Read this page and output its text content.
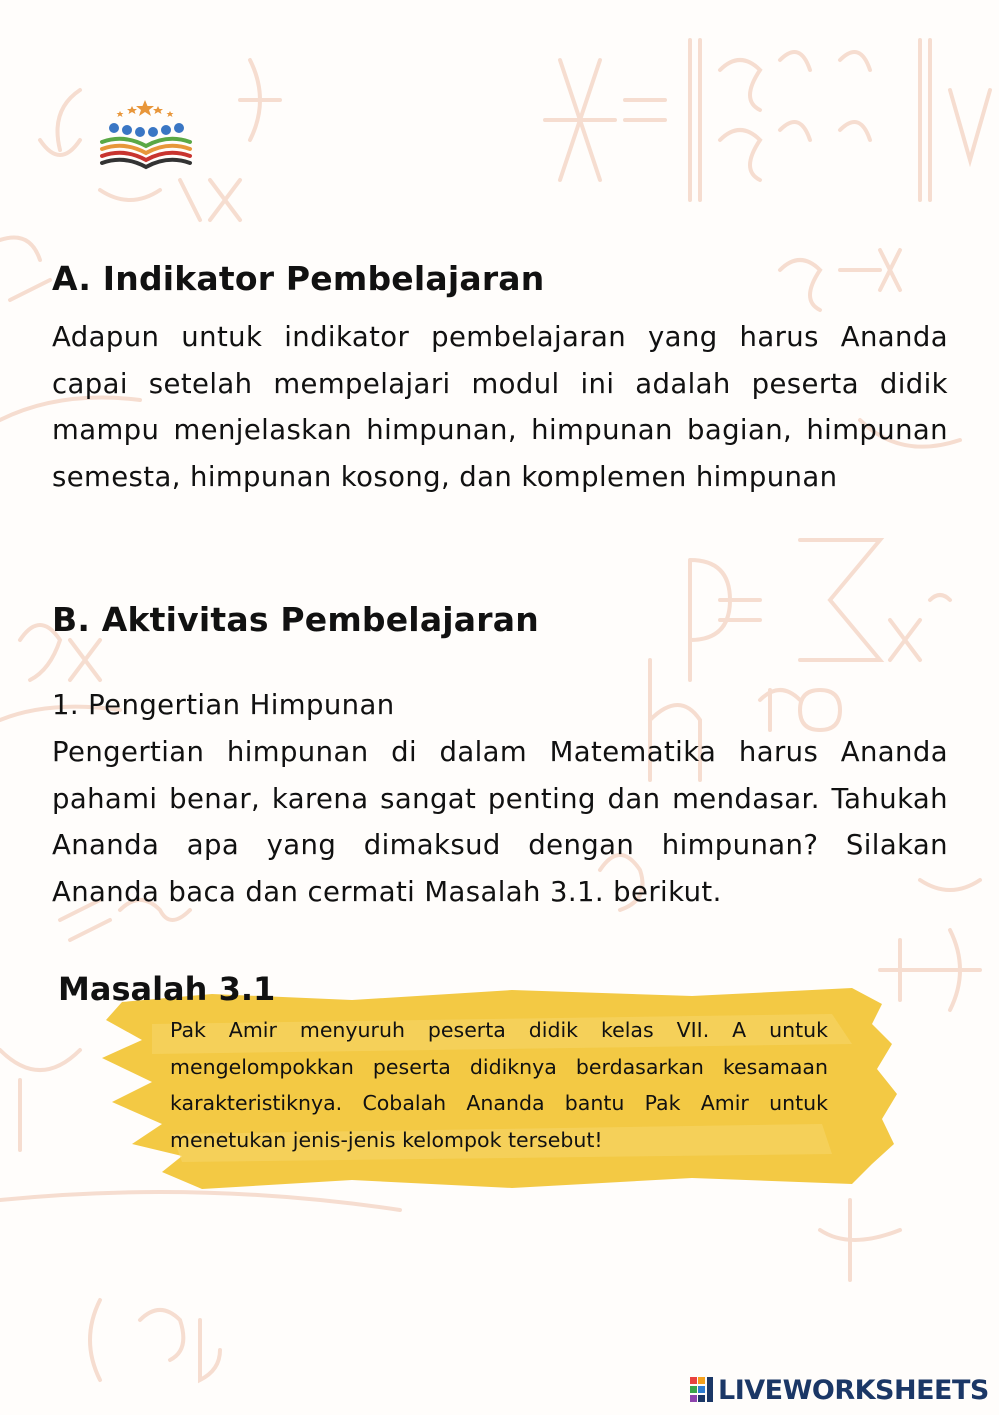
A. Indikator Pembelajaran

Adapun untuk indikator pembelajaran yang harus Ananda capai setelah mempelajari modul ini adalah peserta didik mampu menjelaskan himpunan, himpunan bagian, himpunan semesta, himpunan kosong, dan komplemen himpunan

B. Aktivitas Pembelajaran

1. Pengertian Himpunan

Pengertian himpunan di dalam Matematika harus Ananda pahami benar, karena sangat penting dan mendasar. Tahukah Ananda apa yang dimaksud dengan himpunan? Silakan Ananda baca dan cermati Masalah 3.1. berikut.

Masalah 3.1

Pak Amir menyuruh peserta didik kelas VII. A untuk mengelompokkan peserta didiknya berdasarkan kesamaan karakteristiknya. Cobalah Ananda bantu Pak Amir untuk menetukan jenis-jenis kelompok tersebut!

LIVEWORKSHEETS
